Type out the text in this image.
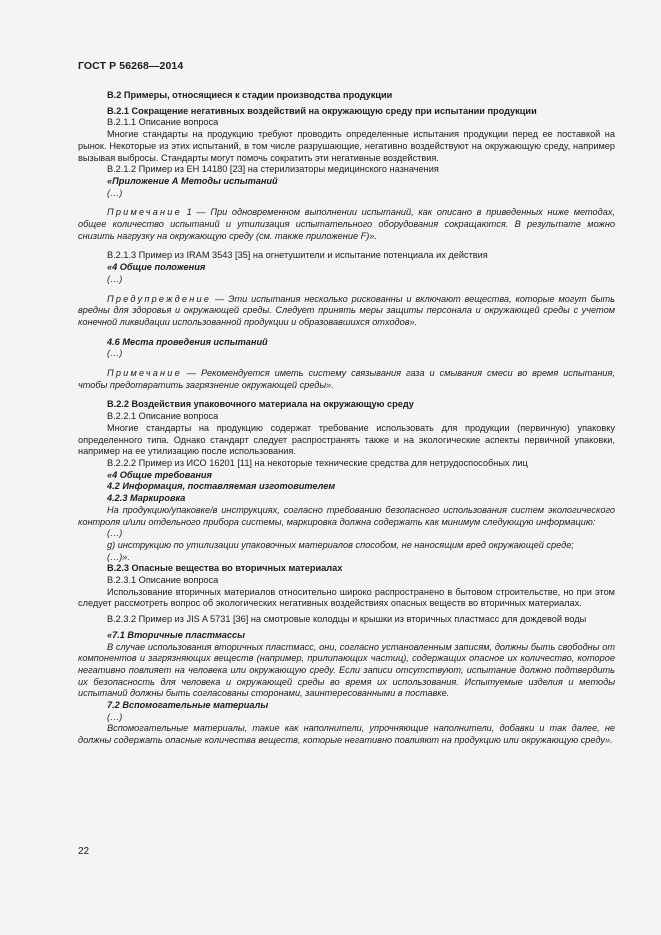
ГОСТ Р 56268—2014
В.2 Примеры, относящиеся к стадии производства продукции
В.2.1 Сокращение негативных воздействий на окружающую среду при испытании продукции
В.2.1.1 Описание вопроса
Многие стандарты на продукцию требуют проводить определенные испытания продукции перед ее поставкой на рынок. Некоторые из этих испытаний, в том числе разрушающие, негативно воздействуют на окружающую среду, например вызывая выбросы. Стандарты могут помочь сократить эти негативные воздействия.
В.2.1.2 Пример из ЕН 14180 [23] на стерилизаторы медицинского назначения
«Приложение А Методы испытаний
(…)
Примечание 1 — При одновременном выполнении испытаний, как описано в приведенных ниже методах, общее количество испытаний и утилизация испытательного оборудования сокращаются. В результате можно снизить нагрузку на окружающую среду (см. также приложение F)».
В.2.1.3 Пример из IRAM 3543 [35] на огнетушители и испытание потенциала их действия
«4 Общие положения
(…)
Предупреждение — Эти испытания несколько рискованны и включают вещества, которые могут быть вредны для здоровья и окружающей среды. Следует принять меры защиты персонала и окружающей среды с учетом конечной ликвидации использованной продукции и образовавшихся отходов».
4.6 Места проведения испытаний
(…)
Примечание — Рекомендуется иметь систему связывания газа и смывания смеси во время испытания, чтобы предотвратить загрязнение окружающей среды».
В.2.2 Воздействия упаковочного материала на окружающую среду
В.2.2.1 Описание вопроса
Многие стандарты на продукцию содержат требование использовать для продукции (первичную) упаковку определенного типа. Однако стандарт следует распространять также и на экологические аспекты первичной упаковки, например на ее утилизацию после использования.
В.2.2.2 Пример из ИСО 16201 [11] на некоторые технические средства для нетрудоспособных лиц
«4 Общие требования
4.2 Информация, поставляемая изготовителем
4.2.3 Маркировка
На продукцию/упаковке/в инструкциях, согласно требованию безопасного использования систем экологического контроля и/или отдельного прибора системы, маркировка должна содержать как минимум следующую информацию:
(…)
g) инструкцию по утилизации упаковочных материалов способом, не наносящим вред окружающей среде;
(…)».
В.2.3 Опасные вещества во вторичных материалах
В.2.3.1 Описание вопроса
Использование вторичных материалов относительно широко распространено в бытовом строительстве, но при этом следует рассмотреть вопрос об экологических негативных воздействиях опасных веществ во вторичных материалах.
В.2.3.2 Пример из JIS A 5731 [36] на смотровые колодцы и крышки из вторичных пластмасс для дождевой воды
«7.1 Вторичные пластмассы
В случае использования вторичных пластмасс, они, согласно установленным записям, должны быть свободны от компонентов и загрязняющих веществ (например, прилипающих частиц), содержащих опасное их количество, которое негативно повлияет на человека или окружающую среду. Если записи отсутствуют, испытание должно подтвердить их безопасность для человека и окружающей среды во время их использования. Испытуемые изделия и методы испытаний должны быть согласованы сторонами, заинтересованными в поставке.
7.2 Вспомогательные материалы
(…)
Вспомогательные материалы, такие как наполнители, упрочняющие наполнители, добавки и так далее, не должны содержать опасные количества веществ, которые негативно повлияют на продукцию или окружающую среду».
22
